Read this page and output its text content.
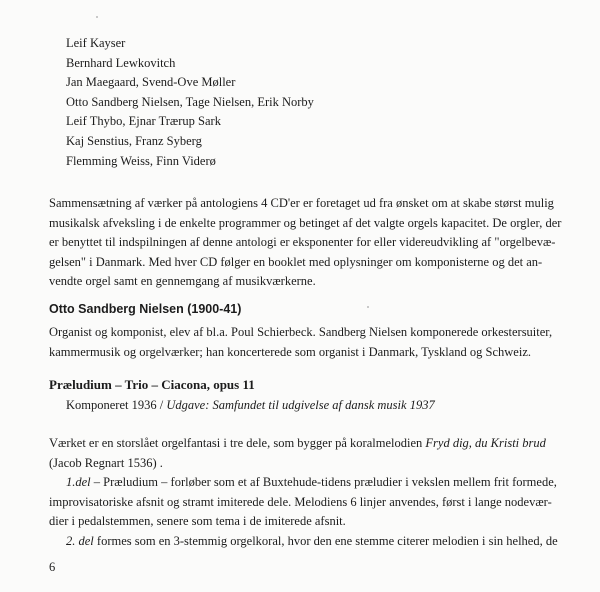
Leif Kayser
Bernhard Lewkovitch
Jan Maegaard, Svend-Ove Møller
Otto Sandberg Nielsen, Tage Nielsen, Erik Norby
Leif Thybo, Ejnar Trærup Sark
Kaj Senstius, Franz Syberg
Flemming Weiss, Finn Viderø
Sammensætning af værker på antologiens 4 CD'er er foretaget ud fra ønsket om at skabe størst mulig
musikalsk afveksling i de enkelte programmer og betinget af det valgte orgels kapacitet. De orgler, der
er benyttet til indspilningen af denne antologi er eksponenter for eller videreudvikling af "orgelbevæ-
gelsen" i Danmark. Med hver CD følger en booklet med oplysninger om komponisterne og det an-
vendte orgel samt en gennemgang af musikværkerne.
Otto Sandberg Nielsen (1900-41)
Organist og komponist, elev af bl.a. Poul Schierbeck. Sandberg Nielsen komponerede orkestersuiter,
kammermusik og orgelværker; han koncerterede som organist i Danmark, Tyskland og Schweiz.
Præludium – Trio – Ciacona, opus 11
Komponeret 1936 / Udgave: Samfundet til udgivelse af dansk musik 1937
Værket er en storslået orgelfantasi i tre dele, som bygger på koralmelodien Fryd dig, du Kristi brud
(Jacob Regnart 1536) .
1.del – Præludium – forløber som et af Buxtehude-tidens præludier i vekslen mellem frit formede,
improvisatoriske afsnit og stramt imiterede dele. Melodiens 6 linjer anvendes, først i lange nodevær-
dier i pedalstemmen, senere som tema i de imiterede afsnit.
2. del formes som en 3-stemmig orgelkoral, hvor den ene stemme citerer melodien i sin helhed, de
6
